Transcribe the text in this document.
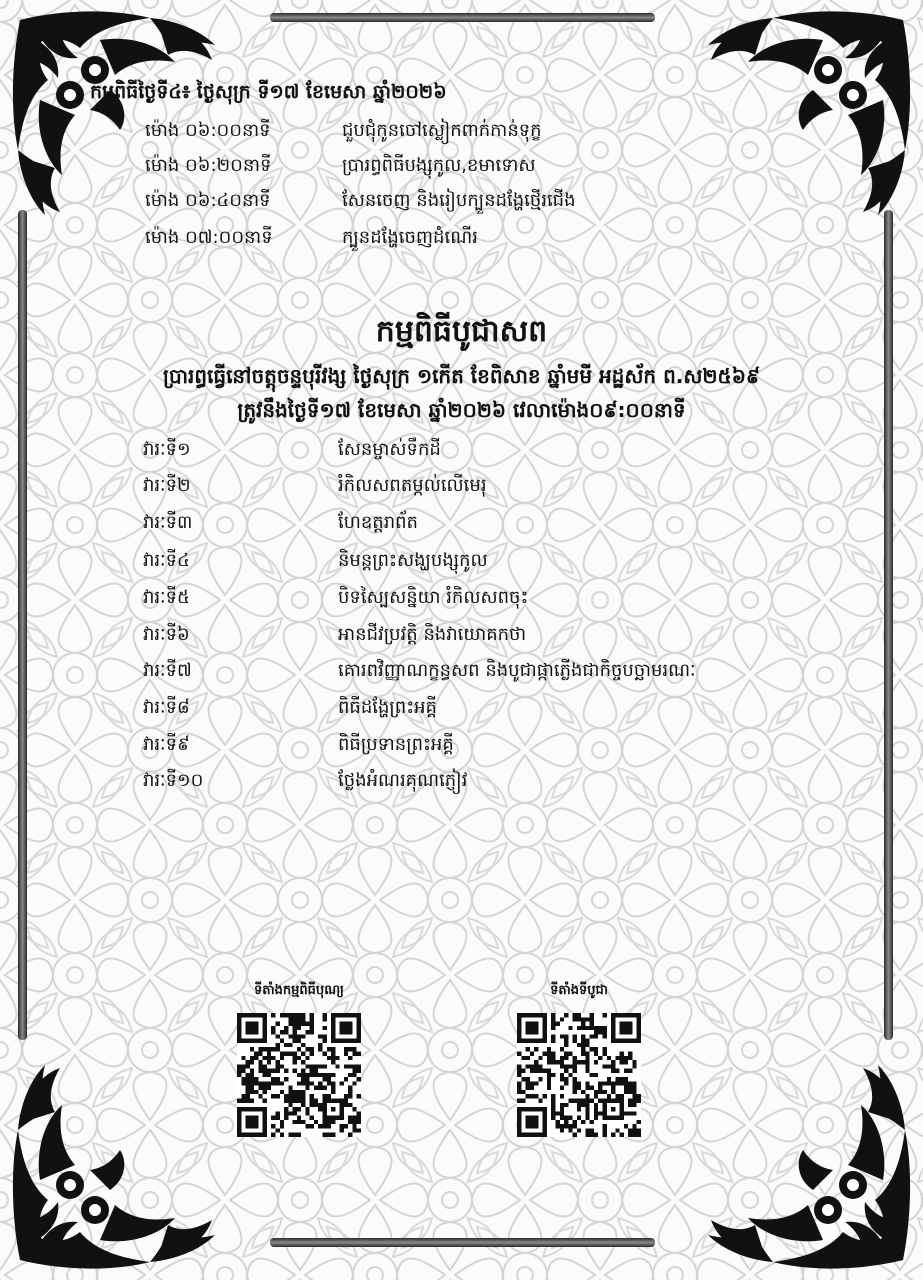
កម្មពិធីថ្ងៃទី៤៖ ថ្ងៃសុក្រ ទី១៧ ខែមេសា ឆ្នាំ២០២៦
ម៉ោង ០៦:០០នាទី	ជួបជុំកូនចៅស្លៀកពាក់កាន់ទុក្ខ
ម៉ោង ០៦:២០នាទី	ប្រារព្ធពិធីបង្សុកូល,ខមាទោស
ម៉ោង ០៦:៤០នាទី	សែនចេញ និងរៀបក្បួនដង្ហែថ្មើរជើង
ម៉ោង ០៧:០០នាទី	ក្បួនដង្ហែចេញដំណើរ
កម្មពិធីបូជាសព
ប្រារព្ធធ្វើនៅចត្តុចន្ទបុរីវង្ស ថ្ងៃសុក្រ ១កើត ខែពិសាខ ឆ្នាំមមី អដ្ឋស័ក ព.ស២៥៦៩
ត្រូវនឹងថ្ងៃទី១៧ ខែមេសា ឆ្នាំ២០២៦ វេលាម៉ោង០៩:០០នាទី
វារៈទី១	សែនម្ចាស់ទឹកដី
វារៈទី២	រំកិលសពតម្កល់លើមេរុ
វារៈទី៣	ហែឧត្តរាព័ត
វារៈទី៤	និមន្តព្រះសង្ឃបង្សុកូល
វារៈទី៥	បិទស្បៃសន្និយា រំកិលសពចុះ
វារៈទី៦	អានជីវប្រវត្តិ និងវាយោគកថា
វារៈទី៧	គោរពវិញ្ញាណក្ខន្ធសព និងបូជាផ្កាភ្លើងជាកិច្ចបច្ឆាមរណៈ
វារៈទី៨	ពិធីដង្ហែព្រះអគ្គី
វារៈទី៩	ពិធីប្រទានព្រះអគ្គី
វារៈទី១០	ថ្លែងអំណរគុណភ្ញៀវ
ទីតាំងកម្មពិធីបុណ្យ	ទីតាំងទីបូជា
